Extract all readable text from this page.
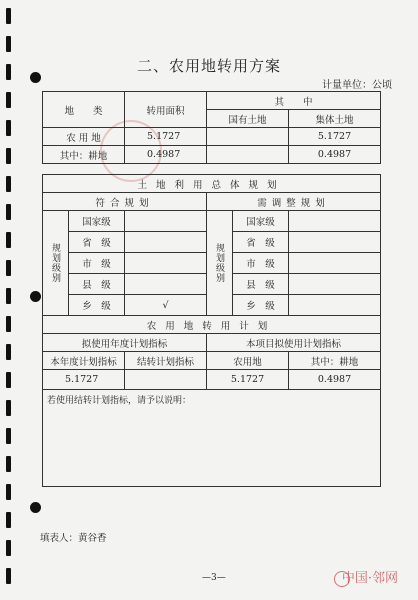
二、农用地转用方案
计量单位：公顷
地　　类		转用面积	其　　中		
			国有土地		集体土地
农 用 地		5.1727			5.1727
其中：耕地		0.4987			0.4987

土地利用总体规划					
符合规划			需调整规划		
规划级别	国家级		规划级别	国家级	
	省　级			省　级	
	市　级			市　级	
	县　级			县　级	
	乡　级	√		乡　级	
农用地转用计划					
拟使用年度计划指标			本项目拟使用计划指标		
本年度计划指标		结转计划指标	农用地		其中：耕地
5.1727			5.1727		0.4987
若使用结转计划指标，请予以说明：					
填表人：黄谷香
—3—	中国·邻网
